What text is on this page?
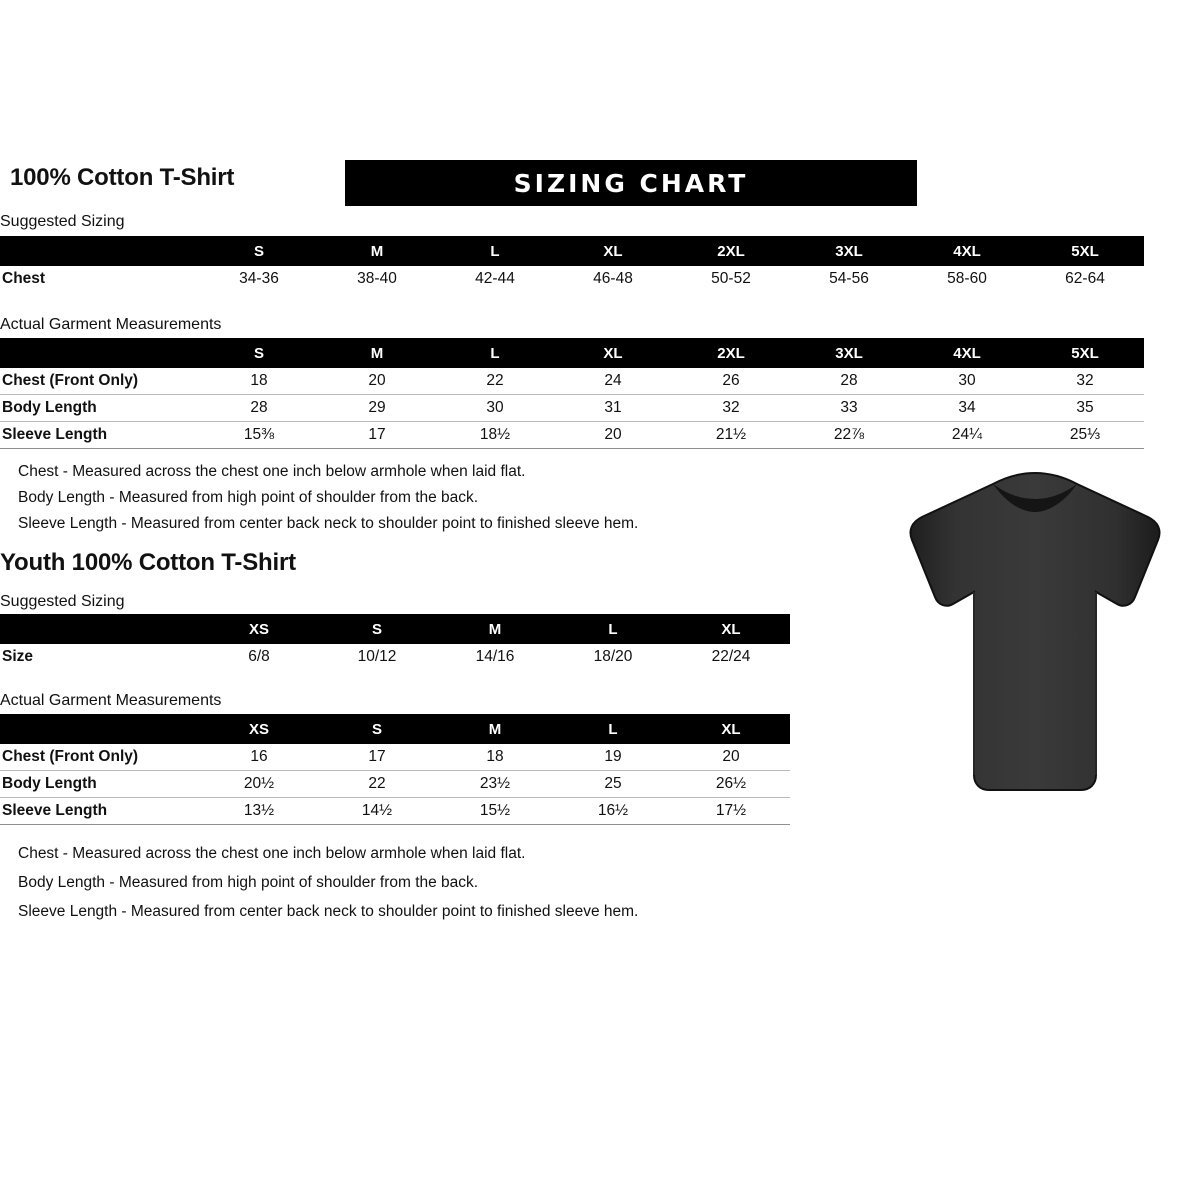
100% Cotton T-Shirt	SIZING CHART
Suggested Sizing
	S	M	L	XL	2XL	3XL	4XL	5XL
Chest	34-36	38-40	42-44	46-48	50-52	54-56	58-60	62-64
Actual Garment Measurements
	S	M	L	XL	2XL	3XL	4XL	5XL
Chest (Front Only)	18	20	22	24	26	28	30	32
Body Length	28	29	30	31	32	33	34	35
Sleeve Length	15⅜	17	18½	20	21½	22⅞	24¼	25⅓
Chest - Measured across the chest one inch below armhole when laid flat.
Body Length - Measured from high point of shoulder from the back.
Sleeve Length - Measured from center back neck to shoulder point to finished sleeve hem.
Youth 100% Cotton T-Shirt
Suggested Sizing
	XS	S	M	L	XL
Size	6/8	10/12	14/16	18/20	22/24
Actual Garment Measurements
	XS	S	M	L	XL
Chest (Front Only)	16	17	18	19	20
Body Length	20½	22	23½	25	26½
Sleeve Length	13½	14½	15½	16½	17½
Chest - Measured across the chest one inch below armhole when laid flat.
Body Length - Measured from high point of shoulder from the back.
Sleeve Length - Measured from center back neck to shoulder point to finished sleeve hem.
